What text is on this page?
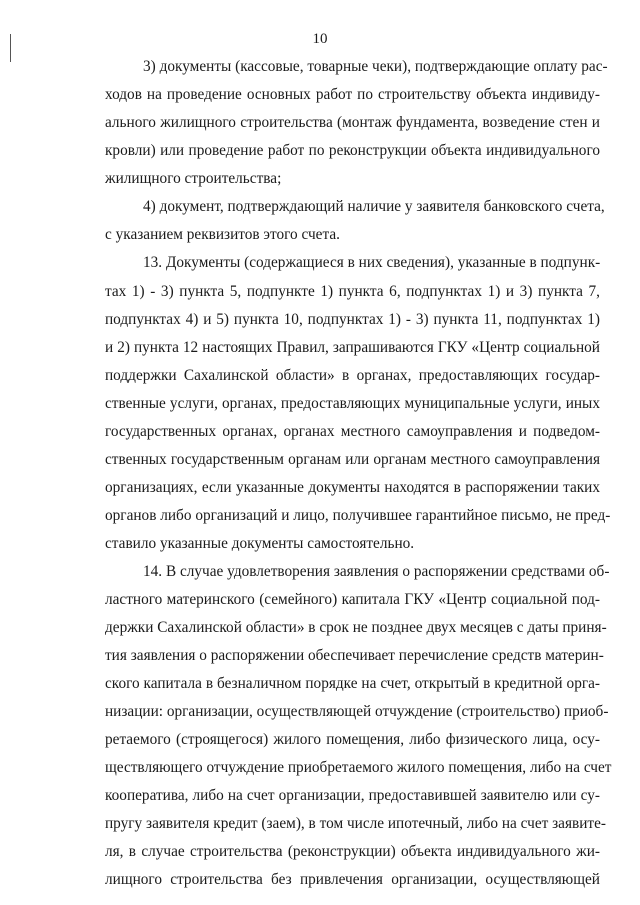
10
3) документы (кассовые, товарные чеки), подтверждающие оплату рас-
ходов на проведение основных работ по строительству объекта индивиду-
ального жилищного строительства (монтаж фундамента, возведение стен и
кровли) или проведение работ по реконструкции объекта индивидуального
жилищного строительства;
4) документ, подтверждающий наличие у заявителя банковского счета,
с указанием реквизитов этого счета.
13. Документы (содержащиеся в них сведения), указанные в подпунк-
тах 1) - 3) пункта 5, подпункте 1) пункта 6, подпунктах 1) и 3) пункта 7,
подпунктах 4) и 5) пункта 10, подпунктах 1) - 3) пункта 11, подпунктах 1)
и 2) пункта 12 настоящих Правил, запрашиваются ГКУ «Центр социальной
поддержки Сахалинской области» в органах, предоставляющих государ-
ственные услуги, органах, предоставляющих муниципальные услуги, иных
государственных органах, органах местного самоуправления и подведом-
ственных государственным органам или органам местного самоуправления
организациях, если указанные документы находятся в распоряжении таких
органов либо организаций и лицо, получившее гарантийное письмо, не пред-
ставило указанные документы самостоятельно.
14. В случае удовлетворения заявления о распоряжении средствами об-
ластного материнского (семейного) капитала ГКУ «Центр социальной под-
держки Сахалинской области» в срок не позднее двух месяцев с даты приня-
тия заявления о распоряжении обеспечивает перечисление средств материн-
ского капитала в безналичном порядке на счет, открытый в кредитной орга-
низации: организации, осуществляющей отчуждение (строительство) приоб-
ретаемого (строящегося) жилого помещения, либо физического лица, осу-
ществляющего отчуждение приобретаемого жилого помещения, либо на счет
кооператива, либо на счет организации, предоставившей заявителю или су-
пругу заявителя кредит (заем), в том числе ипотечный, либо на счет заявите-
ля, в случае строительства (реконструкции) объекта индивидуального жи-
лищного строительства без привлечения организации, осуществляющей
